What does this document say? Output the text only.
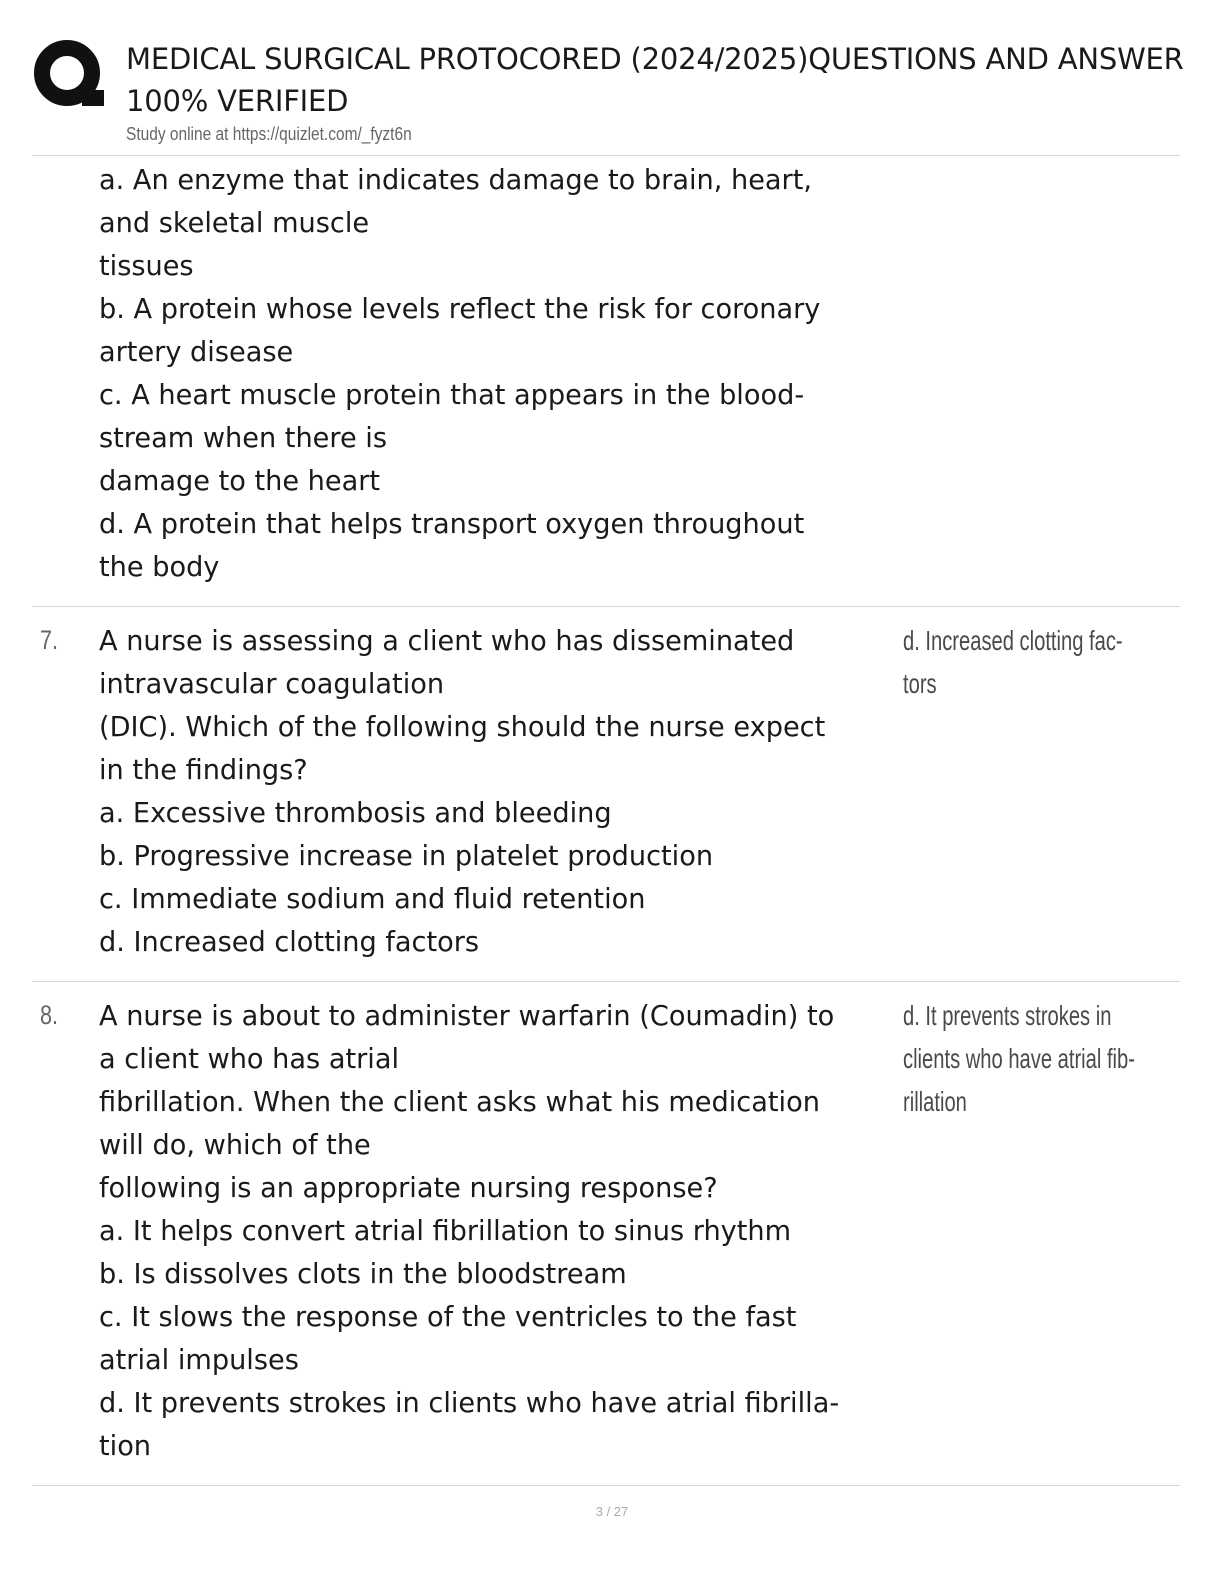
MEDICAL SURGICAL PROTOCORED (2024/2025)QUESTIONS AND ANSWER
100% VERIFIED
Study online at https://quizlet.com/_fyzt6n
a. An enzyme that indicates damage to brain, heart,
and skeletal muscle
tissues
b. A protein whose levels reflect the risk for coronary
artery disease
c. A heart muscle protein that appears in the blood-
stream when there is
damage to the heart
d. A protein that helps transport oxygen throughout
the body
7. A nurse is assessing a client who has disseminated
intravascular coagulation
(DIC). Which of the following should the nurse expect
in the findings?
a. Excessive thrombosis and bleeding
b. Progressive increase in platelet production
c. Immediate sodium and fluid retention
d. Increased clotting factors
d. Increased clotting fac-
tors
8. A nurse is about to administer warfarin (Coumadin) to
a client who has atrial
fibrillation. When the client asks what his medication
will do, which of the
following is an appropriate nursing response?
a. It helps convert atrial fibrillation to sinus rhythm
b. Is dissolves clots in the bloodstream
c. It slows the response of the ventricles to the fast
atrial impulses
d. It prevents strokes in clients who have atrial fibrilla-
tion
d. It prevents strokes in
clients who have atrial fib-
rillation
3 / 27
